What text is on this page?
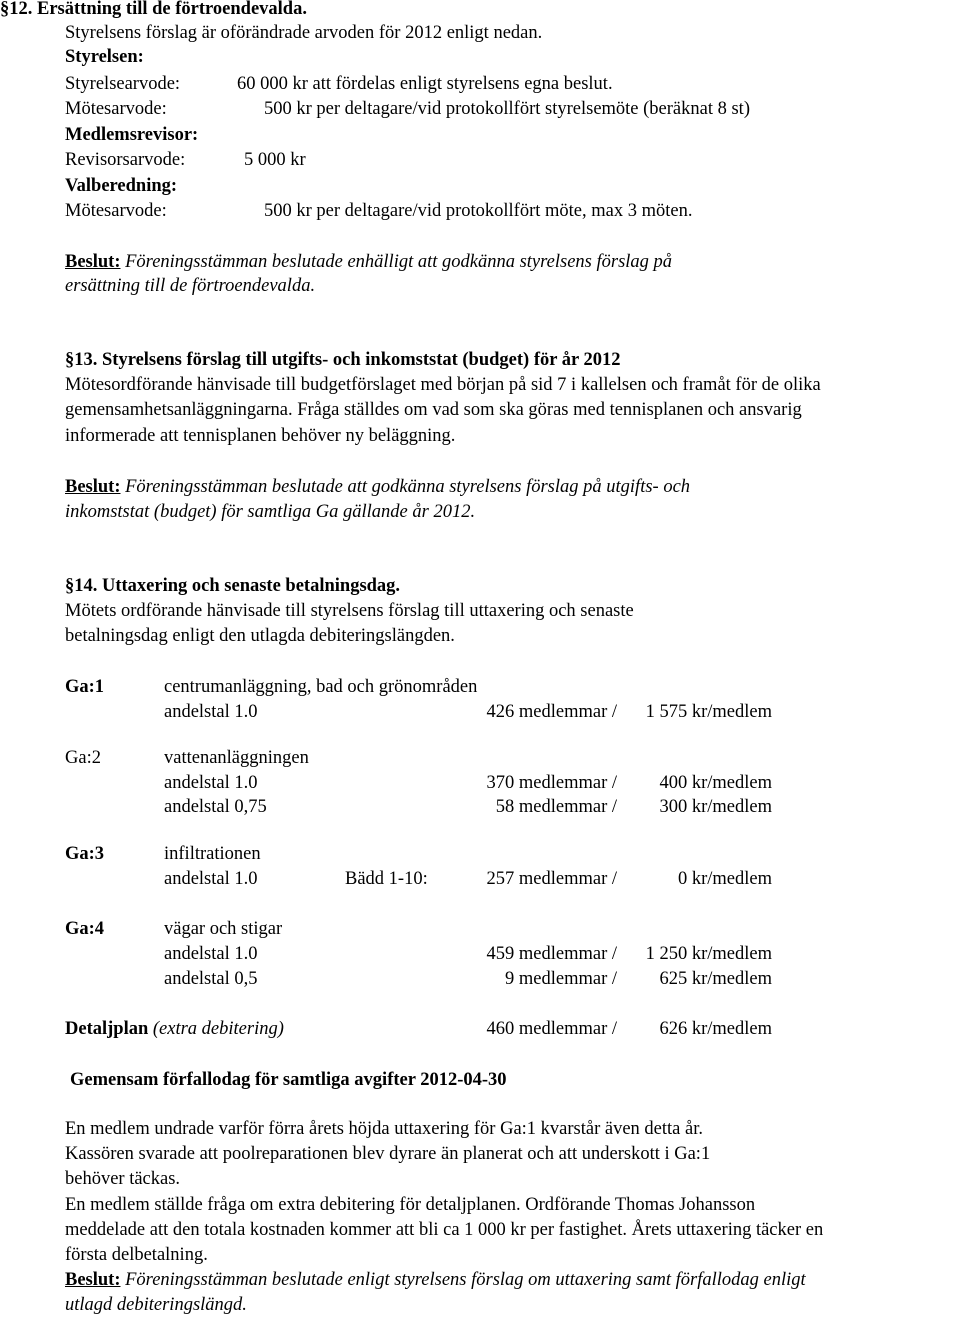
§12. Ersättning till de förtroendevalda.
Styrelsens förslag är oförändrade arvoden för 2012 enligt nedan.
Styrelsen:
Styrelsearvode:	60 000 kr att fördelas enligt styrelsens egna beslut.
Mötesarvode:	500 kr per deltagare/vid protokollfört styrelsemöte (beräknat 8 st)
Medlemsrevisor:
Revisorsarvode:	5 000 kr
Valberedning:
Mötesarvode:	500 kr per deltagare/vid protokollfört möte, max 3 möten.
Beslut: Föreningsstämman beslutade enhälligt att godkänna styrelsens förslag på
ersättning till de förtroendevalda.
§13. Styrelsens förslag till utgifts- och inkomststat (budget) för år 2012
Mötesordförande hänvisade till budgetförslaget med början på sid 7 i kallelsen och framåt för de olika
gemensamhetsanläggningarna. Fråga ställdes om vad som ska göras med tennisplanen och ansvarig
informerade att tennisplanen behöver ny beläggning.
Beslut: Föreningsstämman beslutade att godkänna styrelsens förslag på utgifts- och
inkomststat (budget) för samtliga Ga gällande år 2012.
§14. Uttaxering och senaste betalningsdag.
Mötets ordförande hänvisade till styrelsens förslag till uttaxering och senaste
betalningsdag enligt den utlagda debiteringslängden.
Ga:1	centrumanläggning, bad och grönområden
andelstal 1.0	426 medlemmar / 1 575 kr/medlem
Ga:2	vattenanläggningen
andelstal 1.0	370 medlemmar / 400 kr/medlem
andelstal 0,75	58 medlemmar / 300 kr/medlem
Ga:3	infiltrationen
andelstal 1.0	Bädd 1-10:	257 medlemmar /	0 kr/medlem
Ga:4	vägar och stigar
andelstal 1.0	459 medlemmar / 1 250 kr/medlem
andelstal 0,5	9 medlemmar / 625 kr/medlem
Detaljplan (extra debitering)	460 medlemmar / 626 kr/medlem
Gemensam förfallodag för samtliga avgifter 2012-04-30
En medlem undrade varför förra årets höjda uttaxering för Ga:1 kvarstår även detta år.
Kassören svarade att poolreparationen blev dyrare än planerat och att underskott i Ga:1
behöver täckas.
En medlem ställde fråga om extra debitering för detaljplanen. Ordförande Thomas Johansson
meddelade att den totala kostnaden kommer att bli ca 1 000 kr per fastighet. Årets uttaxering täcker en
första delbetalning.
Beslut: Föreningsstämman beslutade enligt styrelsens förslag om uttaxering samt förfallodag enligt
utlagd debiteringslängd.
